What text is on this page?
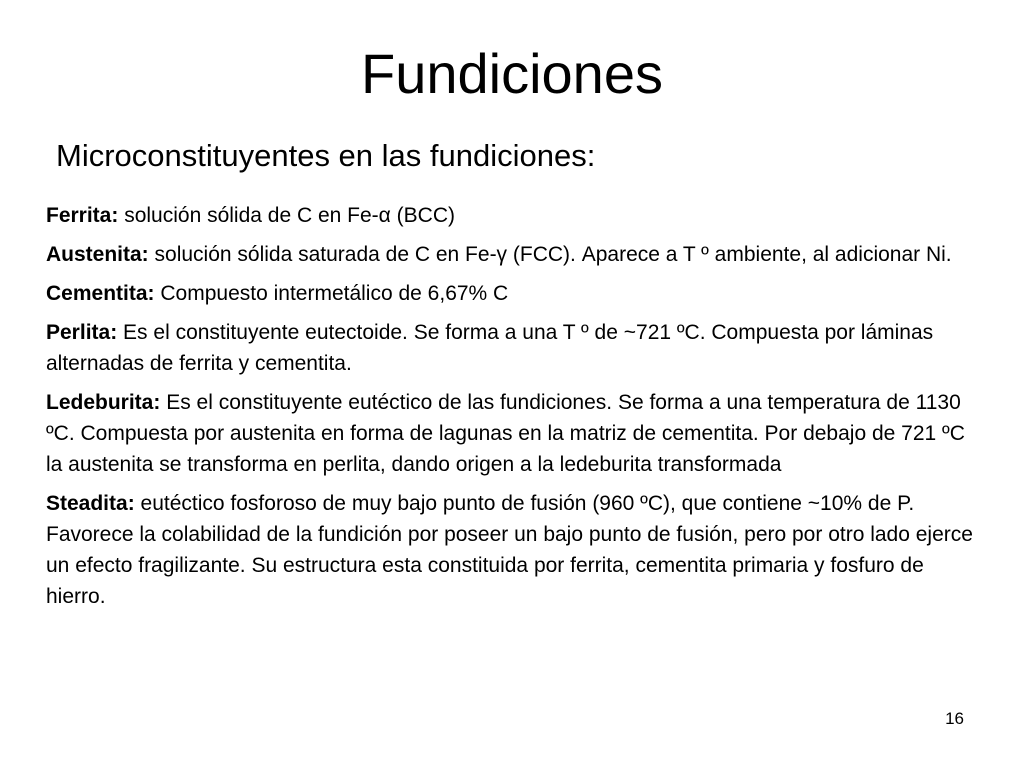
Fundiciones

Microconstituyentes en las fundiciones:

Ferrita: solución sólida de C en Fe-α (BCC)
Austenita: solución sólida saturada de C en Fe-γ (FCC). Aparece a T º ambiente, al adicionar Ni.
Cementita: Compuesto intermetálico de 6,67% C
Perlita: Es el constituyente eutectoide. Se forma a una T º de ~721 ºC. Compuesta por láminas alternadas de ferrita y cementita.
Ledeburita: Es el constituyente eutéctico de las fundiciones. Se forma a una temperatura de 1130 ºC. Compuesta por austenita en forma de lagunas en la matriz de cementita. Por debajo de 721 ºC la austenita se transforma en perlita, dando origen a la ledeburita transformada
Steadita: eutéctico fosforoso de muy bajo punto de fusión (960 ºC), que contiene ~10% de P. Favorece la colabilidad de la fundición por poseer un bajo punto de fusión, pero por otro lado ejerce un efecto fragilizante. Su estructura esta constituida por ferrita, cementita primaria y fosfuro de hierro.
16
